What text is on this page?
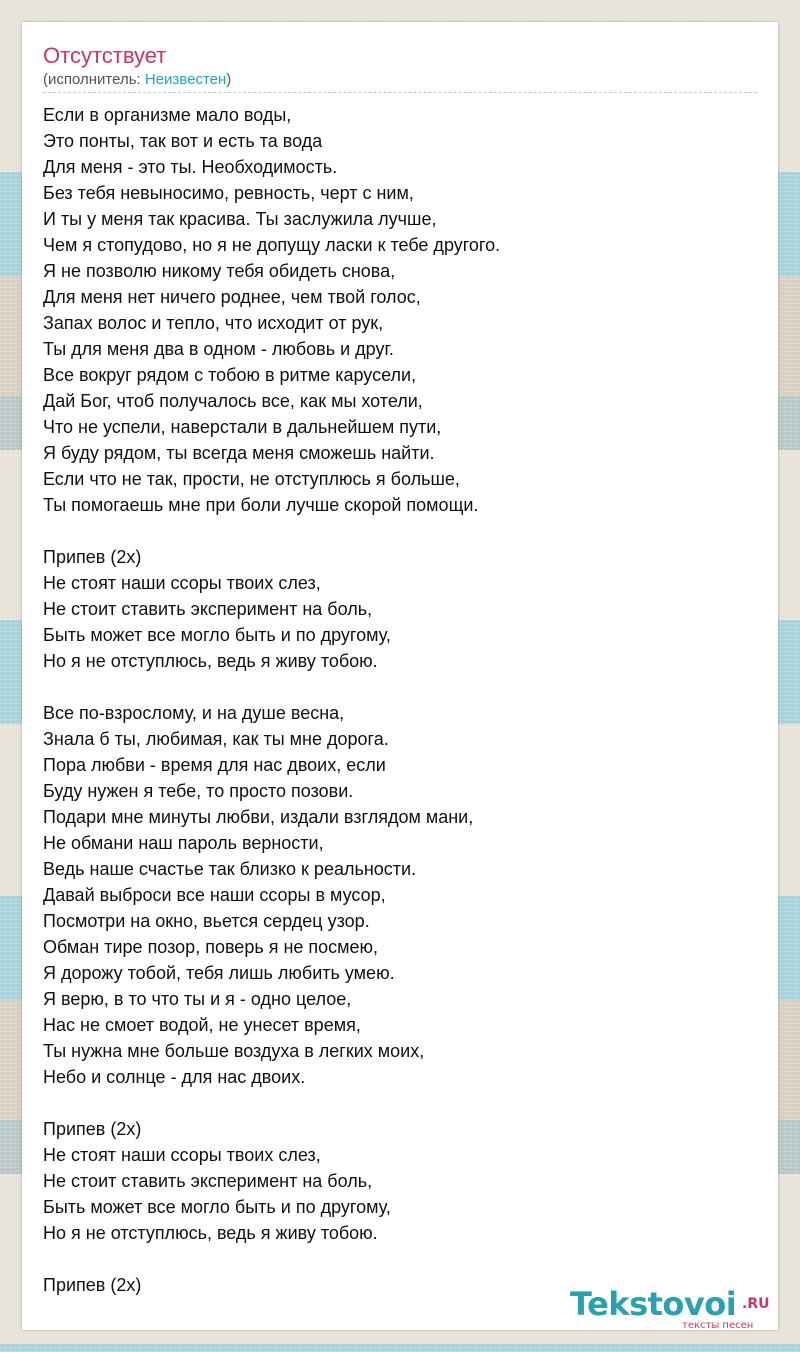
Отсутствует
(исполнитель: Неизвестен)
Если в организме мало воды,
Это понты, так вот и есть та вода
Для меня - это ты. Необходимость.
Без тебя невыносимо, ревность, черт с ним,
И ты у меня так красива. Ты заслужила лучше,
Чем я стопудово, но я не допущу ласки к тебе другого.
Я не позволю никому тебя обидеть снова,
Для меня нет ничего роднее, чем твой голос,
Запах волос и тепло, что исходит от рук,
Ты для меня два в одном - любовь и друг.
Все вокруг рядом с тобою в ритме карусели,
Дай Бог, чтоб получалось все, как мы хотели,
Что не успели, наверстали в дальнейшем пути,
Я буду рядом, ты всегда меня сможешь найти.
Если что не так, прости, не отступлюсь я больше,
Ты помогаешь мне при боли лучше скорой помощи.
Припев (2x)
Не стоят наши ссоры твоих слез,
Не стоит ставить эксперимент на боль,
Быть может все могло быть и по другому,
Но я не отступлюсь, ведь я живу тобою.
Все по-взрослому, и на душе весна,
Знала б ты, любимая, как ты мне дорога.
Пора любви - время для нас двоих, если
Буду нужен я тебе, то просто позови.
Подари мне минуты любви, издали взглядом мани,
Не обмани наш пароль верности,
Ведь наше счастье так близко к реальности.
Давай выброси все наши ссоры в мусор,
Посмотри на окно, вьется сердец узор.
Обман тире позор, поверь я не посмею,
Я дорожу тобой, тебя лишь любить умею.
Я верю, в то что ты и я - одно целое,
Нас не смоет водой, не унесет время,
Ты нужна мне больше воздуха в легких моих,
Небо и солнце - для нас двоих.
Припев (2x)
Не стоят наши ссоры твоих слез,
Не стоит ставить эксперимент на боль,
Быть может все могло быть и по другому,
Но я не отступлюсь, ведь я живу тобою.
Припев (2x)	Tekstovoi .RU
тексты песен
